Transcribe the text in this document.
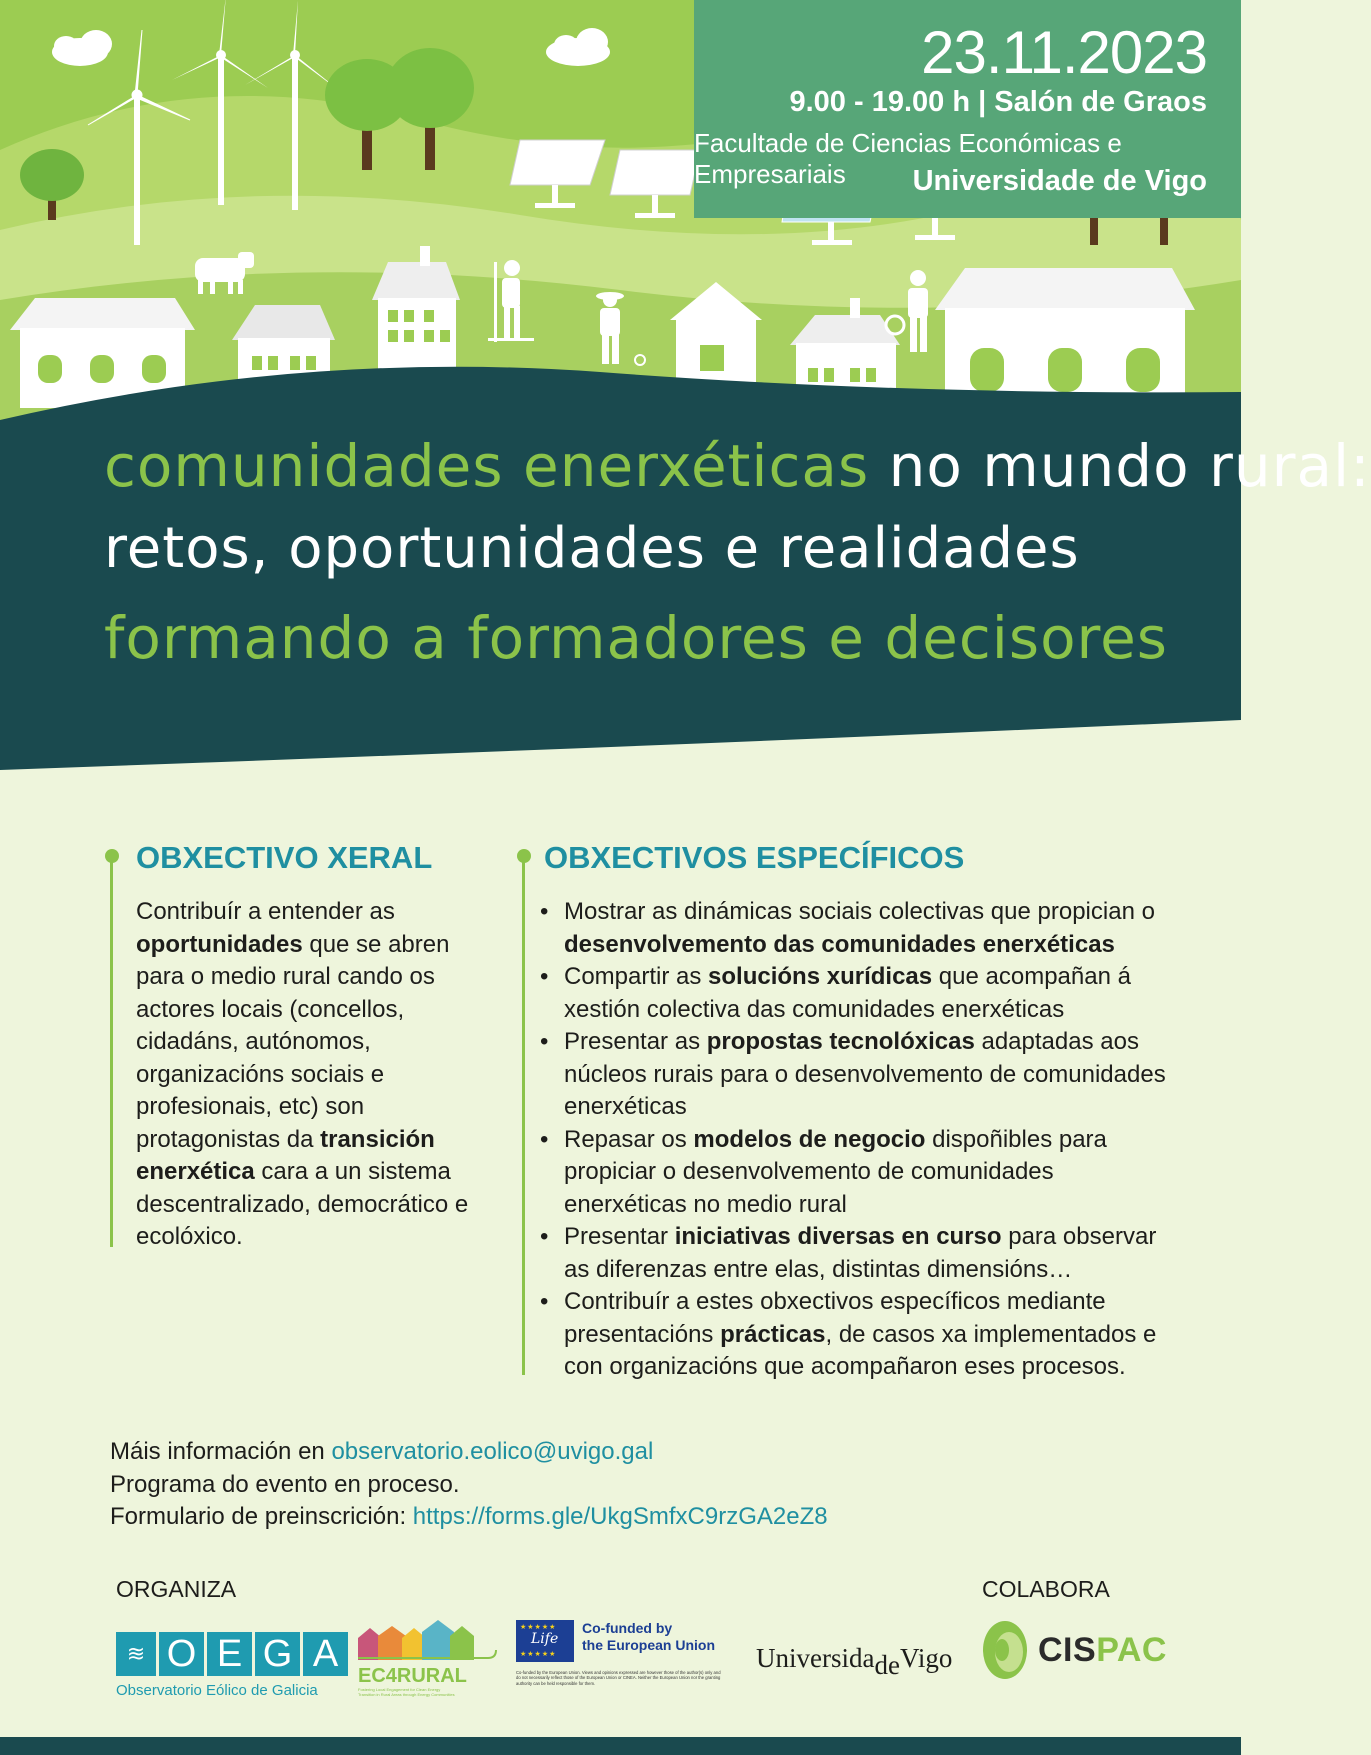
23.11.2023
9.00 - 19.00 h | Salón de Graos
Facultade de Ciencias Económicas e Empresariais	Universidade de Vigo
comunidades enerxéticas no mundo rural:
retos, oportunidades e realidades
formando a formadores e decisores
OBXECTIVO XERAL
Contribuír a entender as oportunidades que se abren para o medio rural cando os actores locais (concellos, cidadáns, autónomos, organizacións sociais e profesionais, etc) son protagonistas da transición enerxética cara a un sistema descentralizado, democrático e ecolóxico.
OBXECTIVOS ESPECÍFICOS
• Mostrar as dinámicas sociais colectivas que propician o desenvolvemento das comunidades enerxéticas
• Compartir as solucións xurídicas que acompañan á xestión colectiva das comunidades enerxéticas
• Presentar as propostas tecnolóxicas adaptadas aos núcleos rurais para o desenvolvemento de comunidades enerxéticas
• Repasar os modelos de negocio dispoñibles para propiciar o desenvolvemento de comunidades enerxéticas no medio rural
• Presentar iniciativas diversas en curso para observar as diferenzas entre elas, distintas dimensións…
• Contribuír a estes obxectivos específicos mediante presentacións prácticas, de casos xa implementados e con organizacións que acompañaron eses procesos.
Máis información en observatorio.eolico@uvigo.gal
Programa do evento en proceso.
Formulario de preinscrición: https://forms.gle/UkgSmfxC9rzGA2eZ8
ORGANIZA	COLABORA
≋ O E G A
Observatorio Eólico de Galicia
EC4RURAL
Fostering Local Engagement for Clean Energy Transition in Rural Areas through Energy Communities
Life
★★★★★
★★★★★
Co-funded by
the European Union
Co-funded by the European Union. Views and opinions expressed are however those of the author(s) only and do not necessarily reflect those of the European Union or CINEA. Neither the European Union nor the granting authority can be held responsible for them.
UniversidadeVigo	CISPAC
